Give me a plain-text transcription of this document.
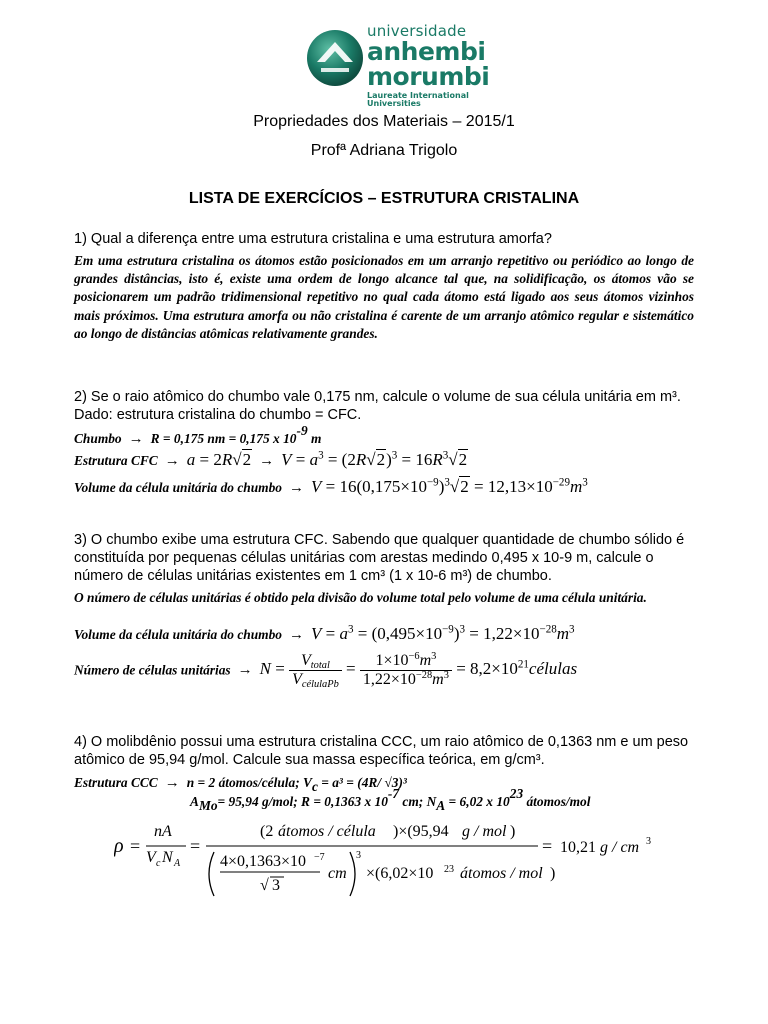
universidade
anhembi
morumbi
Laureate International Universities
Propriedades dos Materiais – 2015/1
Profª Adriana Trigolo
LISTA DE EXERCÍCIOS – ESTRUTURA CRISTALINA
1) Qual a diferença entre uma estrutura cristalina e uma estrutura amorfa?
Em uma estrutura cristalina os átomos estão posicionados em um arranjo repetitivo ou periódico ao longo de grandes distâncias, isto é, existe uma ordem de longo alcance tal que, na solidificação, os átomos vão se posicionarem um padrão tridimensional repetitivo no qual cada átomo está ligado aos seus átomos vizinhos mais próximos. Uma estrutura amorfa ou não cristalina é carente de um arranjo atômico regular e sistemático ao longo de distâncias atômicas relativamente grandes.
2) Se o raio atômico do chumbo vale 0,175 nm, calcule o volume de sua célula unitária em m³. Dado: estrutura cristalina do chumbo = CFC.
Chumbo → R = 0,175 nm = 0,175 x $10^{-9}$ m
Estrutura CFC → $a = 2R√2 \to V = a^3 = (2R√2)^3 = 16R^3√2$
Volume da célula unitária do chumbo → $V = 16(0,175\times 10^{-9})^3√2 = 12,13\times 10^{-29}m^3$
3) O chumbo exibe uma estrutura CFC. Sabendo que qualquer quantidade de chumbo sólido é constituída por pequenas células unitárias com arestas medindo 0,495 x 10-9 m, calcule o número de células unitárias existentes em 1 cm³ (1 x 10-6 m³) de chumbo.
O número de células unitárias é obtido pela divisão do volume total pelo volume de uma célula unitária.
Volume da célula unitária do chumbo → $V = a^3 = (0,495\times 10^{-9})^3 = 1,22\times 10^{-28}m^3$
Número de células unitárias → $N = \frac{V_{total}}{V_{célulaPb}} = \frac{1\times 10^{-6}m^3}{1,22\times 10^{-28}m^3}$ = $8,2\times 10^{21}células$
4) O molibdênio possui uma estrutura cristalina CCC, um raio atômico de 0,1363 nm e um peso atômico de 95,94 g/mol. Calcule sua massa específica teórica, em g/cm³.
Estrutura CCC → n = 2 átomos/célula; $V_c = a^3 = (4R/$ √3)³
$A_{Mo}= 95,94$ g/mol; R = 0,1363 x $10^{-7}$ cm; $N_A = 6,02$ x $10^{23}$ átomos/mol
ρ =
nA
V c N A
=
(2 átomos / célula )×(95,94 g / mol )
4×0,1363×10 −7
√ 3
cm
3
×(6,02×10 23 átomos / mol )
= 10,21 g / cm 3
